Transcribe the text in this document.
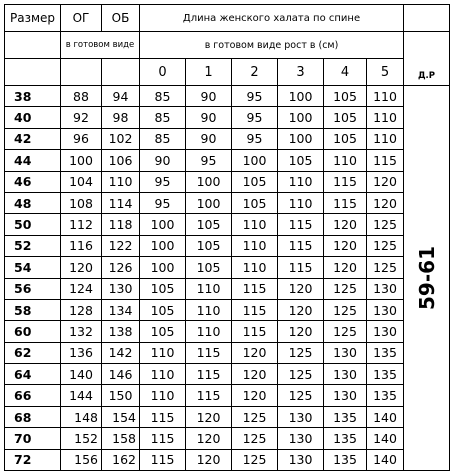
Размер	ОГ	ОБ	Длина женского халата по спине						
	в готовом виде		в готовом виде рост в (см)						Д.Р
			0	1	2	3	4	5	
38	88	94	85	90	95	100	105	110	59-61

40	92	98	85	90	95	100	105	110	
42	96	102	85	90	95	100	105	110	
44	100	106	90	95	100	105	110	115	
46	104	110	95	100	105	110	115	120	
48	108	114	95	100	105	110	115	120	
50	112	118	100	105	110	115	120	125	
52	116	122	100	105	110	115	120	125	
54	120	126	100	105	110	115	120	125	
56	124	130	105	110	115	120	125	130	
58	128	134	105	110	115	120	125	130	
60	132	138	105	110	115	120	125	130	
62	136	142	110	115	120	125	130	135	
64	140	146	110	115	120	125	130	135	
66	144	150	110	115	120	125	130	135	
68	148	154	115	120	125	130	135	140	
70	152	158	115	120	125	130	135	140	
72	156	162	115	120	125	130	135	140	
